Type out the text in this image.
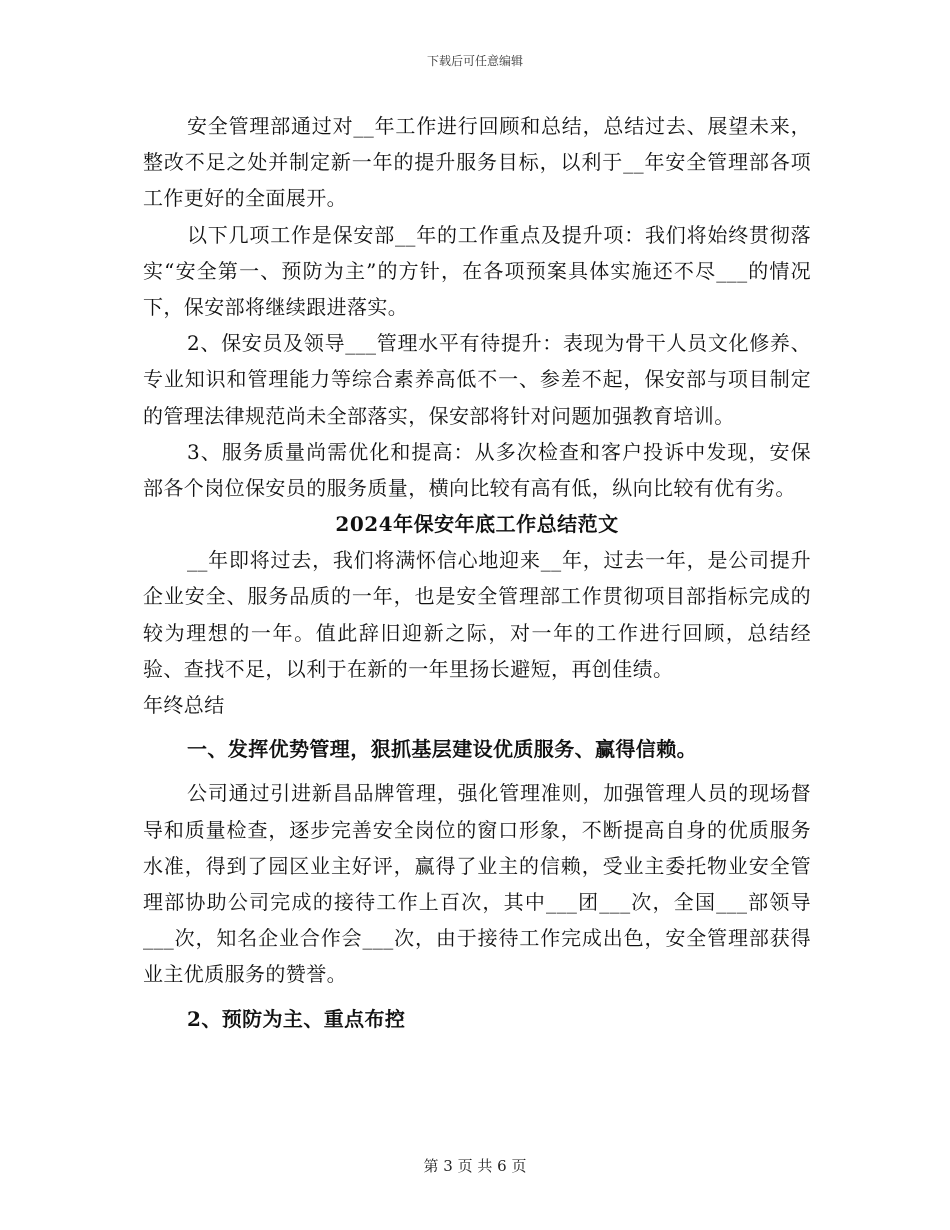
下载后可任意编辑

安全管理部通过对__年工作进行回顾和总结，总结过去、展望未来，整改不足之处并制定新一年的提升服务目标，以利于__年安全管理部各项工作更好的全面展开。

以下几项工作是保安部__年的工作重点及提升项：我们将始终贯彻落实“安全第一、预防为主”的方针，在各项预案具体实施还不尽___的情况下，保安部将继续跟进落实。

2、保安员及领导___管理水平有待提升：表现为骨干人员文化修养、专业知识和管理能力等综合素养高低不一、参差不起，保安部与项目制定的管理法律规范尚未全部落实，保安部将针对问题加强教育培训。

3、服务质量尚需优化和提高：从多次检查和客户投诉中发现，安保部各个岗位保安员的服务质量，横向比较有高有低，纵向比较有优有劣。

2024年保安年底工作总结范文

__年即将过去，我们将满怀信心地迎来__年，过去一年，是公司提升企业安全、服务品质的一年，也是安全管理部工作贯彻项目部指标完成的较为理想的一年。值此辞旧迎新之际，对一年的工作进行回顾，总结经验、查找不足，以利于在新的一年里扬长避短，再创佳绩。

年终总结

一、发挥优势管理，狠抓基层建设优质服务、赢得信赖。

公司通过引进新昌品牌管理，强化管理准则，加强管理人员的现场督导和质量检查，逐步完善安全岗位的窗口形象，不断提高自身的优质服务水准，得到了园区业主好评，赢得了业主的信赖，受业主委托物业安全管理部协助公司完成的接待工作上百次，其中___团___次，全国___部领导___次，知名企业合作会___次，由于接待工作完成出色，安全管理部获得业主优质服务的赞誉。

2、预防为主、重点布控

第 3 页 共 6 页
